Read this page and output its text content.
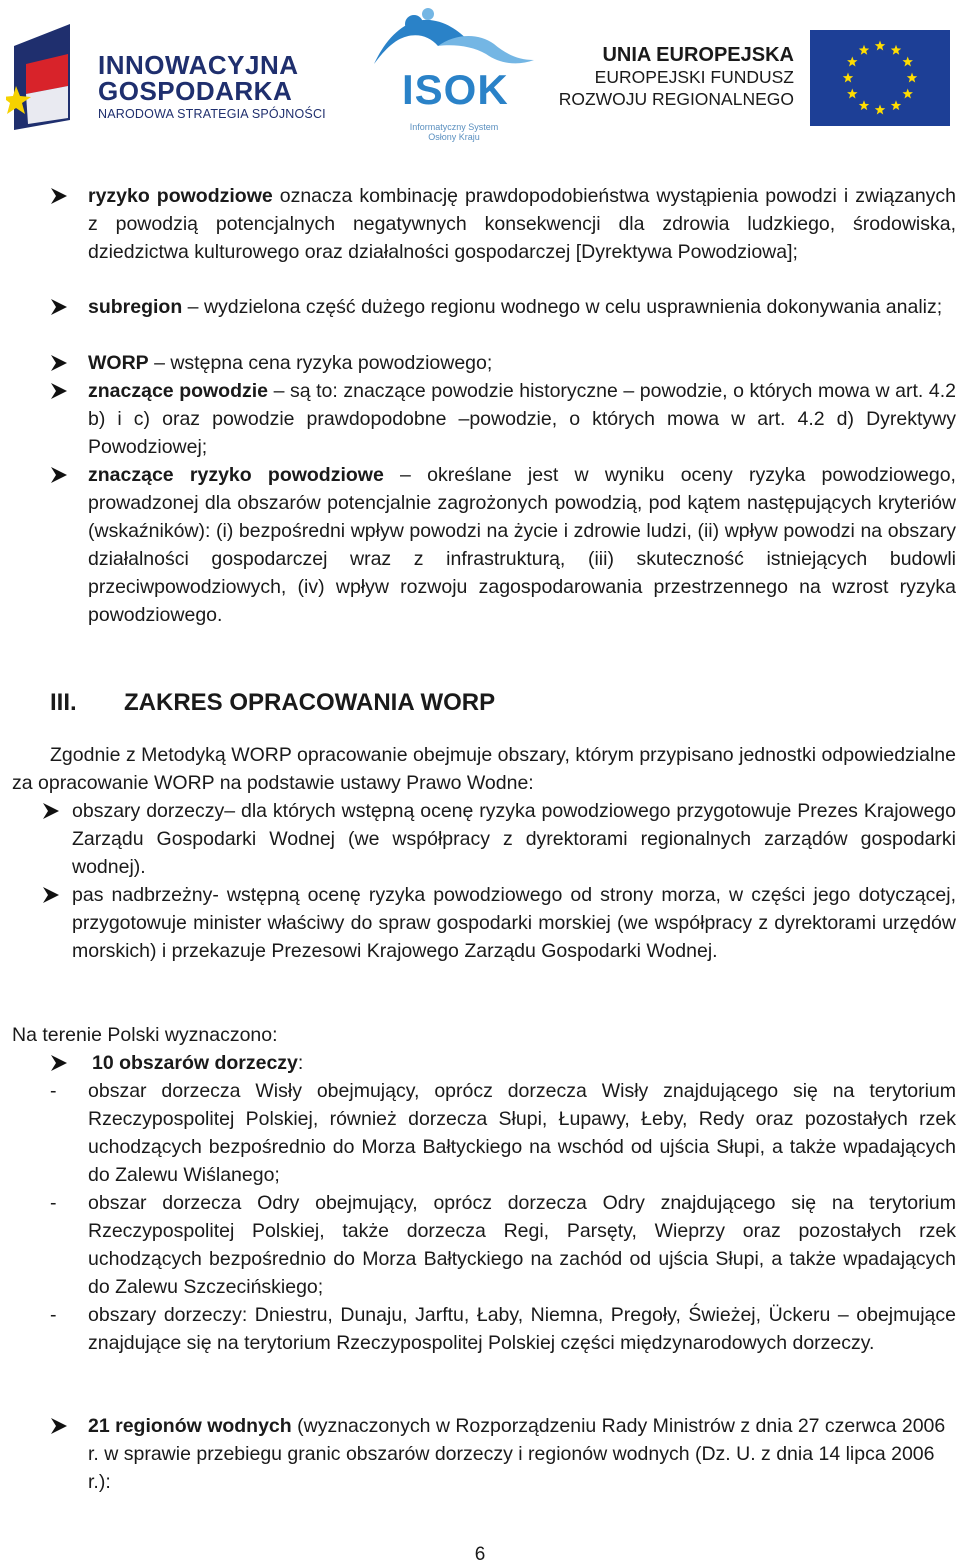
INNOWACYJNA
GOSPODARKA
NARODOWA STRATEGIA SPÓJNOŚCI
ISOK
Informatyczny System
Osłony Kraju
UNIA EUROPEJSKA
EUROPEJSKI FUNDUSZ
ROZWOJU REGIONALNEGO
ryzyko powodziowe oznacza kombinację prawdopodobieństwa wystąpienia powodzi i związanych z powodzią potencjalnych negatywnych konsekwencji dla zdrowia ludzkiego, środowiska, dziedzictwa kulturowego oraz działalności gospodarczej [Dyrektywa Powodziowa];
subregion – wydzielona część dużego regionu wodnego w celu usprawnienia dokonywania analiz;
WORP – wstępna cena ryzyka powodziowego;
znaczące powodzie – są to: znaczące powodzie historyczne – powodzie, o których mowa w art. 4.2 b) i c) oraz powodzie prawdopodobne –powodzie, o których mowa w art. 4.2 d) Dyrektywy Powodziowej;
znaczące ryzyko powodziowe – określane jest w wyniku oceny ryzyka powodziowego, prowadzonej dla obszarów potencjalnie zagrożonych powodzią, pod kątem następujących kryteriów (wskaźników): (i) bezpośredni wpływ powodzi na życie i zdrowie ludzi, (ii) wpływ powodzi na obszary działalności gospodarczej wraz z infrastrukturą, (iii) skuteczność istniejących budowli przeciwpowodziowych, (iv) wpływ rozwoju zagospodarowania przestrzennego na wzrost ryzyka powodziowego.
III. ZAKRES OPRACOWANIA WORP
Zgodnie z Metodyką WORP opracowanie obejmuje obszary, którym przypisano jednostki odpowiedzialne za opracowanie WORP na podstawie ustawy Prawo Wodne:
obszary dorzeczy– dla których wstępną ocenę ryzyka powodziowego przygotowuje Prezes Krajowego Zarządu Gospodarki Wodnej (we współpracy z dyrektorami regionalnych zarządów gospodarki wodnej).
pas nadbrzeżny- wstępną ocenę ryzyka powodziowego od strony morza, w części jego dotyczącej, przygotowuje minister właściwy do spraw gospodarki morskiej (we współpracy z dyrektorami urzędów morskich) i przekazuje Prezesowi Krajowego Zarządu Gospodarki Wodnej.
Na terenie Polski wyznaczono:
10 obszarów dorzeczy:
- obszar dorzecza Wisły obejmujący, oprócz dorzecza Wisły znajdującego się na terytorium Rzeczypospolitej Polskiej, również dorzecza Słupi, Łupawy, Łeby, Redy oraz pozostałych rzek uchodzących bezpośrednio do Morza Bałtyckiego na wschód od ujścia Słupi, a także wpadających do Zalewu Wiślanego;
- obszar dorzecza Odry obejmujący, oprócz dorzecza Odry znajdującego się na terytorium Rzeczypospolitej Polskiej, także dorzecza Regi, Parsęty, Wieprzy oraz pozostałych rzek uchodzących bezpośrednio do Morza Bałtyckiego na zachód od ujścia Słupi, a także wpadających do Zalewu Szczecińskiego;
- obszary dorzeczy: Dniestru, Dunaju, Jarftu, Łaby, Niemna, Pregoły, Świeżej, Ückeru – obejmujące znajdujące się na terytorium Rzeczypospolitej Polskiej części międzynarodowych dorzeczy.
21 regionów wodnych (wyznaczonych w Rozporządzeniu Rady Ministrów z dnia 27 czerwca 2006 r. w sprawie przebiegu granic obszarów dorzeczy i regionów wodnych (Dz. U. z dnia 14 lipca 2006 r.):
6
